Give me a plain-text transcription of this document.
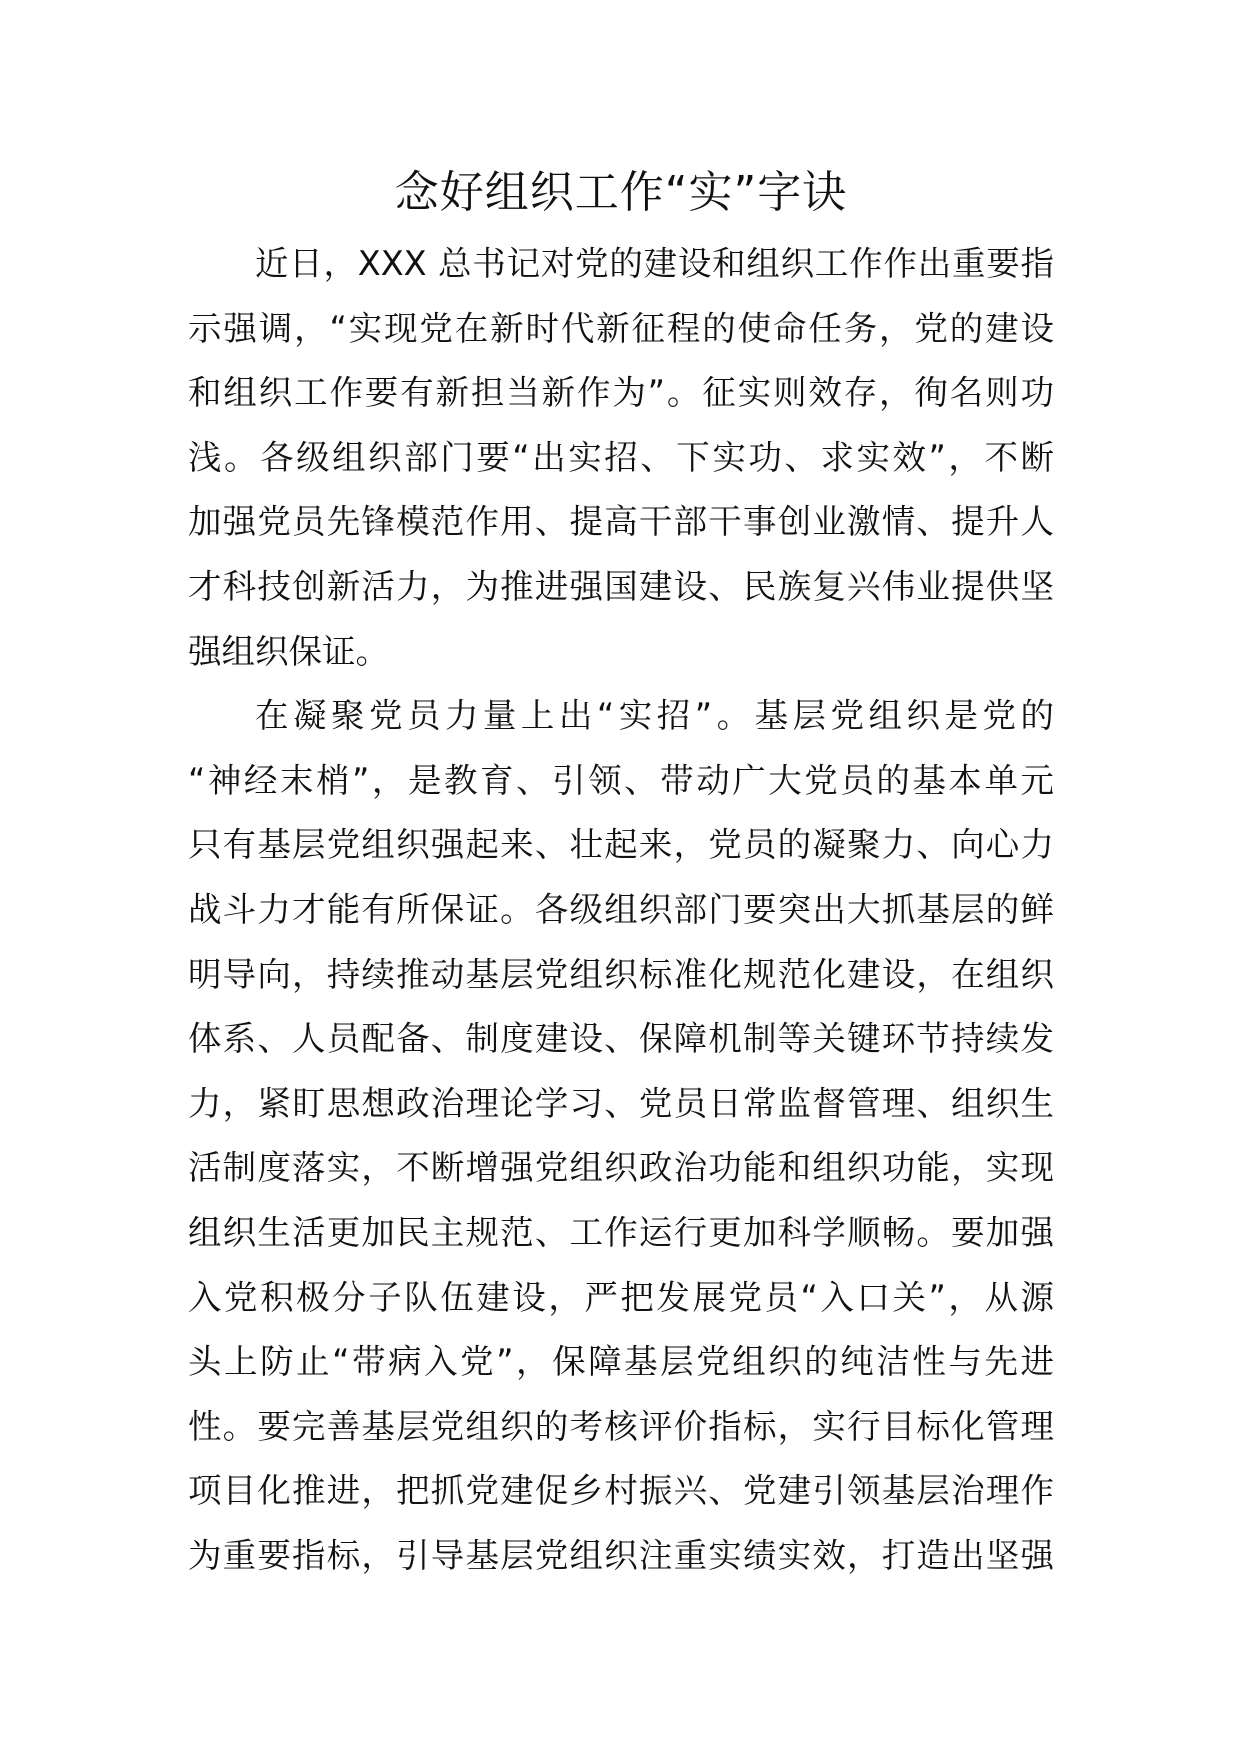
念好组织工作“实”字诀
近日，XXX 总书记对党的建设和组织工作作出重要指
示强调，“实现党在新时代新征程的使命任务，党的建设
和组织工作要有新担当新作为”。征实则效存，徇名则功
浅。各级组织部门要“出实招、下实功、求实效”，不断
加强党员先锋模范作用、提高干部干事创业激情、提升人
才科技创新活力，为推进强国建设、民族复兴伟业提供坚
强组织保证。
在凝聚党员力量上出“实招”。基层党组织是党的
“神经末梢”，是教育、引领、带动广大党员的基本单元
只有基层党组织强起来、壮起来，党员的凝聚力、向心力
战斗力才能有所保证。各级组织部门要突出大抓基层的鲜
明导向，持续推动基层党组织标准化规范化建设，在组织
体系、人员配备、制度建设、保障机制等关键环节持续发
力，紧盯思想政治理论学习、党员日常监督管理、组织生
活制度落实，不断增强党组织政治功能和组织功能，实现
组织生活更加民主规范、工作运行更加科学顺畅。要加强
入党积极分子队伍建设，严把发展党员“入口关”，从源
头上防止“带病入党”，保障基层党组织的纯洁性与先进
性。要完善基层党组织的考核评价指标，实行目标化管理
项目化推进，把抓党建促乡村振兴、党建引领基层治理作
为重要指标，引导基层党组织注重实绩实效，打造出坚强
